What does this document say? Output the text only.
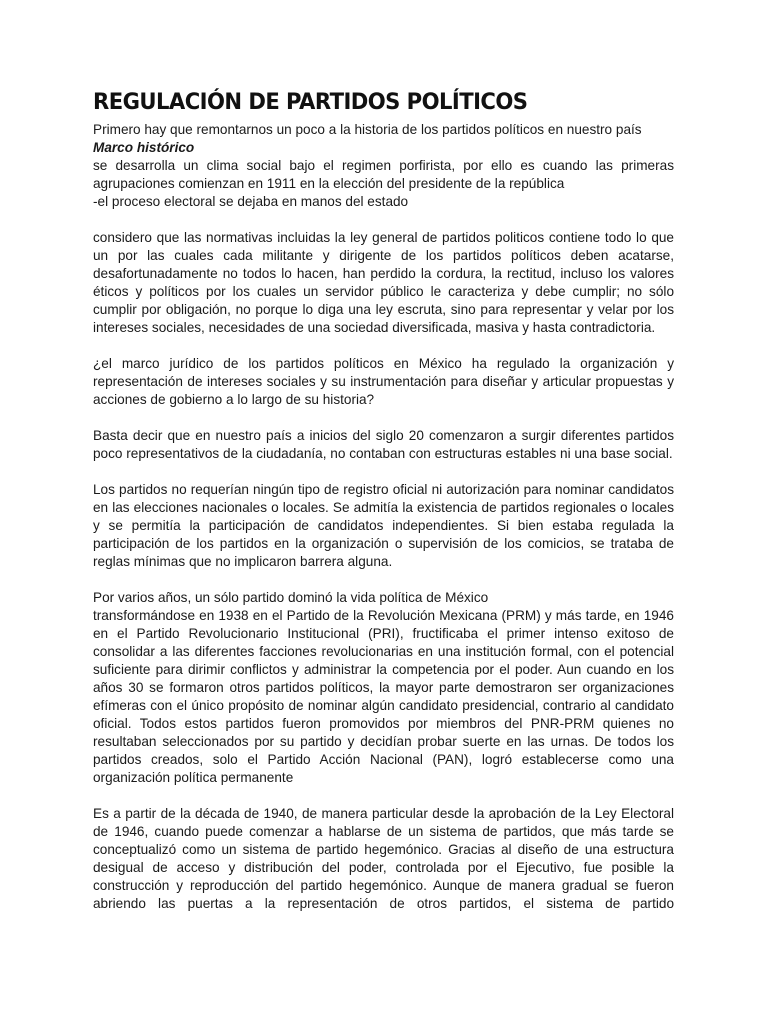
REGULACIÓN DE PARTIDOS POLÍTICOS

Primero hay que remontarnos un poco a la historia de los partidos políticos en nuestro país

Marco histórico

se desarrolla un clima social bajo el regimen porfirista, por ello es cuando las primeras agrupaciones comienzan en 1911 en la elección del presidente de la república

-el proceso electoral se dejaba en manos del estado

considero que las normativas incluidas la ley general de partidos politicos contiene todo lo que un por las cuales cada militante y dirigente de los partidos políticos deben acatarse, desafortunadamente no todos lo hacen, han perdido la cordura, la rectitud, incluso los valores éticos y políticos por los cuales un servidor público le caracteriza y debe cumplir; no sólo cumplir por obligación, no porque lo diga una ley escruta, sino para representar y velar por los intereses sociales, necesidades de una sociedad diversificada, masiva y hasta contradictoria.

¿el marco jurídico de los partidos políticos en México ha regulado la organización y representación de intereses sociales y su instrumentación para diseñar y articular propuestas y acciones de gobierno a lo largo de su historia?

Basta decir que en nuestro país a inicios del siglo 20 comenzaron a surgir diferentes partidos poco representativos de la ciudadanía, no contaban con estructuras estables ni una base social.

Los partidos no requerían ningún tipo de registro oficial ni autorización para nominar candidatos en las elecciones nacionales o locales. Se admitía la existencia de partidos regionales o locales y se permitía la participación de candidatos independientes. Si bien estaba regulada la participación de los partidos en la organización o supervisión de los comicios, se trataba de reglas mínimas que no implicaron barrera alguna.

Por varios años, un sólo partido dominó la vida política de México

transformándose en 1938 en el Partido de la Revolución Mexicana (PRM) y más tarde, en 1946 en el Partido Revolucionario Institucional (PRI), fructificaba el primer intenso exitoso de consolidar a las diferentes facciones revolucionarias en una institución formal, con el potencial suficiente para dirimir conflictos y administrar la competencia por el poder. Aun cuando en los años 30 se formaron otros partidos políticos, la mayor parte demostraron ser organizaciones efímeras con el único propósito de nominar algún candidato presidencial, contrario al candidato oficial. Todos estos partidos fueron promovidos por miembros del PNR-PRM quienes no resultaban seleccionados por su partido y decidían probar suerte en las urnas. De todos los partidos creados, solo el Partido Acción Nacional (PAN), logró establecerse como una organización política permanente

Es a partir de la década de 1940, de manera particular desde la aprobación de la Ley Electoral de 1946, cuando puede comenzar a hablarse de un sistema de partidos, que más tarde se conceptualizó como un sistema de partido hegemónico. Gracias al diseño de una estructura desigual de acceso y distribución del poder, controlada por el Ejecutivo, fue posible la construcción y reproducción del partido hegemónico. Aunque de manera gradual se fueron abriendo las puertas a la representación de otros partidos, el sistema de partido
